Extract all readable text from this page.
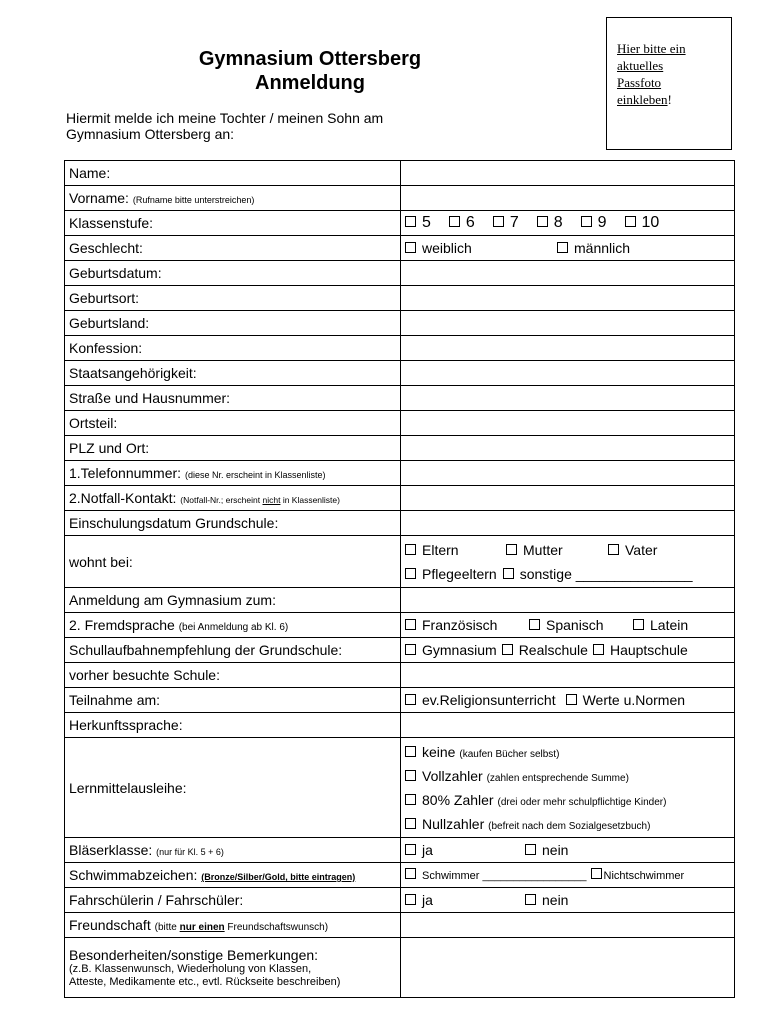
Gymnasium Ottersberg
Anmeldung
Hiermit melde ich meine Tochter / meinen Sohn am
Gymnasium Ottersberg an:
Hier bitte ein
aktuelles
Passfoto
einkleben!
Name:	
Vorname: (Rufname bitte unterstreichen)	
Klassenstufe:	5 6 7 8 9 10
Geschlecht:	weiblich männlich
Geburtsdatum:	
Geburtsort:	
Geburtsland:	
Konfession:	
Staatsangehörigkeit:	
Straße und Hausnummer:	
Ortsteil:	
PLZ und Ort:	
1.Telefonnummer: (diese Nr. erscheint in Klassenliste)	
2.Notfall-Kontakt: (Notfall-Nr.; erscheint nicht in Klassenliste)	
Einschulungsdatum Grundschule:	
wohnt bei:	Eltern Mutter Vater
Pflegeeltern sonstige _______________

Anmeldung am Gymnasium zum:	
2. Fremdsprache (bei Anmeldung ab Kl. 6)	Französisch Spanisch Latein
Schullaufbahnempfehlung der Grundschule:	Gymnasium Realschule Hauptschule
vorher besuchte Schule:	
Teilnahme am:	ev.Religionsunterricht Werte u.Normen
Herkunftssprache:	
Lernmittelausleihe:	keine (kaufen Bücher selbst)
Vollzahler (zahlen entsprechende Summe)
80% Zahler (drei oder mehr schulpflichtige Kinder)
Nullzahler (befreit nach dem Sozialgesetzbuch)

Bläserklasse: (nur für Kl. 5 + 6)	ja nein
Schwimmabzeichen: (Bronze/Silber/Gold, bitte eintragen)	Schwimmer _________________ Nichtschwimmer
Fahrschülerin / Fahrschüler:	ja nein
Freundschaft (bitte nur einen Freundschaftswunsch)	

Besonderheiten/sonstige Bemerkungen:
(z.B. Klassenwunsch, Wiederholung von Klassen,
Atteste, Medikamente etc., evtl. Rückseite beschreiben)	
